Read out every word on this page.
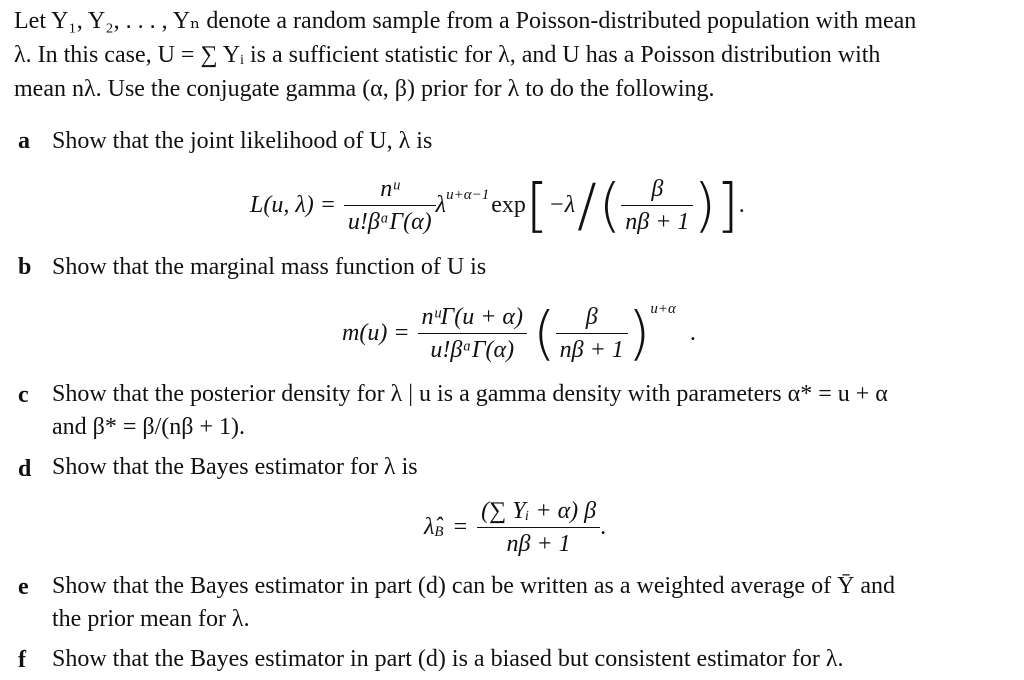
Let Y₁, Y₂, . . . , Yₙ denote a random sample from a Poisson-distributed population with mean
λ. In this case, U = ∑ Yᵢ is a sufficient statistic for λ, and U has a Poisson distribution with
mean nλ. Use the conjugate gamma (α, β) prior for λ to do the following.
a Show that the joint likelihood of U, λ is
L(u, $\lambda) = \frac{\text{nᵘ}}{\text{u!βᵅΓ(α)}}$ λ u+α−1 exp [ −λ / ( $\frac{\beta}{n\beta + 1}$ ) ] .
b Show that the marginal mass function of U is
$m(u) = \frac{\text{nᵘΓ(u + α)}}{\text{u!βᵅΓ(α)}}$ ( $\frac{\beta}{n\beta + 1}$ ) u+α
.
c Show that the posterior density for λ | u is a gamma density with parameters α* = u + α
and β* = β/(nβ + 1).
d Show that the Bayes estimator for λ is
λ̂ $B = \frac{\text{(∑ Yᵢ + α) β}}{n\beta + 1}$ .
e Show that the Bayes estimator in part (d) can be written as a weighted average of Ȳ and
the prior mean for λ.
f Show that the Bayes estimator in part (d) is a biased but consistent estimator for λ.
